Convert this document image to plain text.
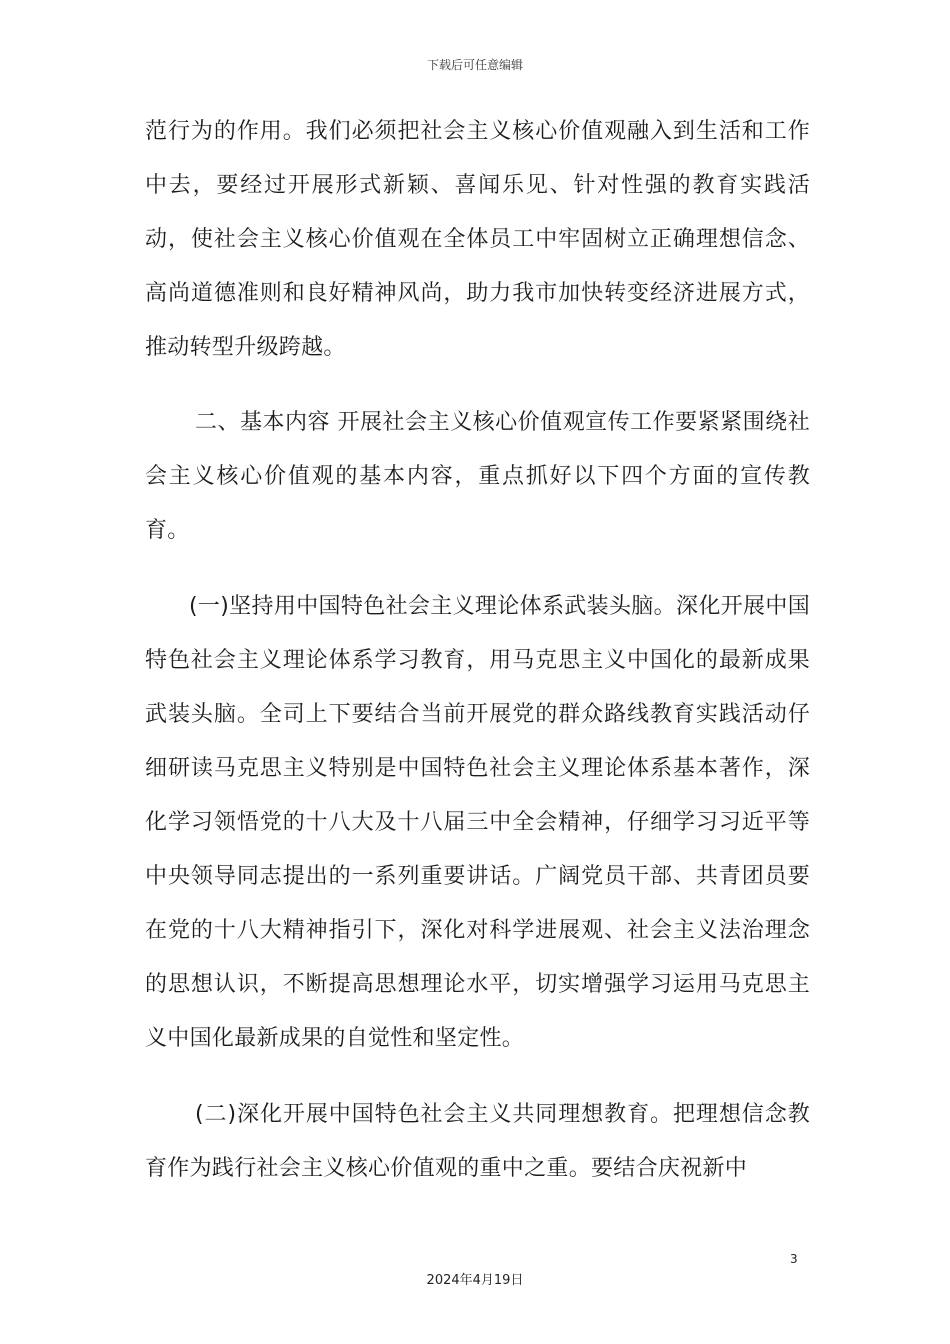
下载后可任意编辑

范行为的作用。我们必须把社会主义核心价值观融入到生活和工作中去，要经过开展形式新颖、喜闻乐见、针对性强的教育实践活动，使社会主义核心价值观在全体员工中牢固树立正确理想信念、高尚道德准则和良好精神风尚，助力我市加快转变经济进展方式，推动转型升级跨越。

二、基本内容 开展社会主义核心价值观宣传工作要紧紧围绕社会主义核心价值观的基本内容，重点抓好以下四个方面的宣传教育。

(一)坚持用中国特色社会主义理论体系武装头脑。深化开展中国特色社会主义理论体系学习教育，用马克思主义中国化的最新成果武装头脑。全司上下要结合当前开展党的群众路线教育实践活动仔细研读马克思主义特别是中国特色社会主义理论体系基本著作，深化学习领悟党的十八大及十八届三中全会精神，仔细学习习近平等中央领导同志提出的一系列重要讲话。广阔党员干部、共青团员要在党的十八大精神指引下，深化对科学进展观、社会主义法治理念的思想认识，不断提高思想理论水平，切实增强学习运用马克思主义中国化最新成果的自觉性和坚定性。

(二)深化开展中国特色社会主义共同理想教育。把理想信念教育作为践行社会主义核心价值观的重中之重。要结合庆祝新中

3
2024年4月19日
